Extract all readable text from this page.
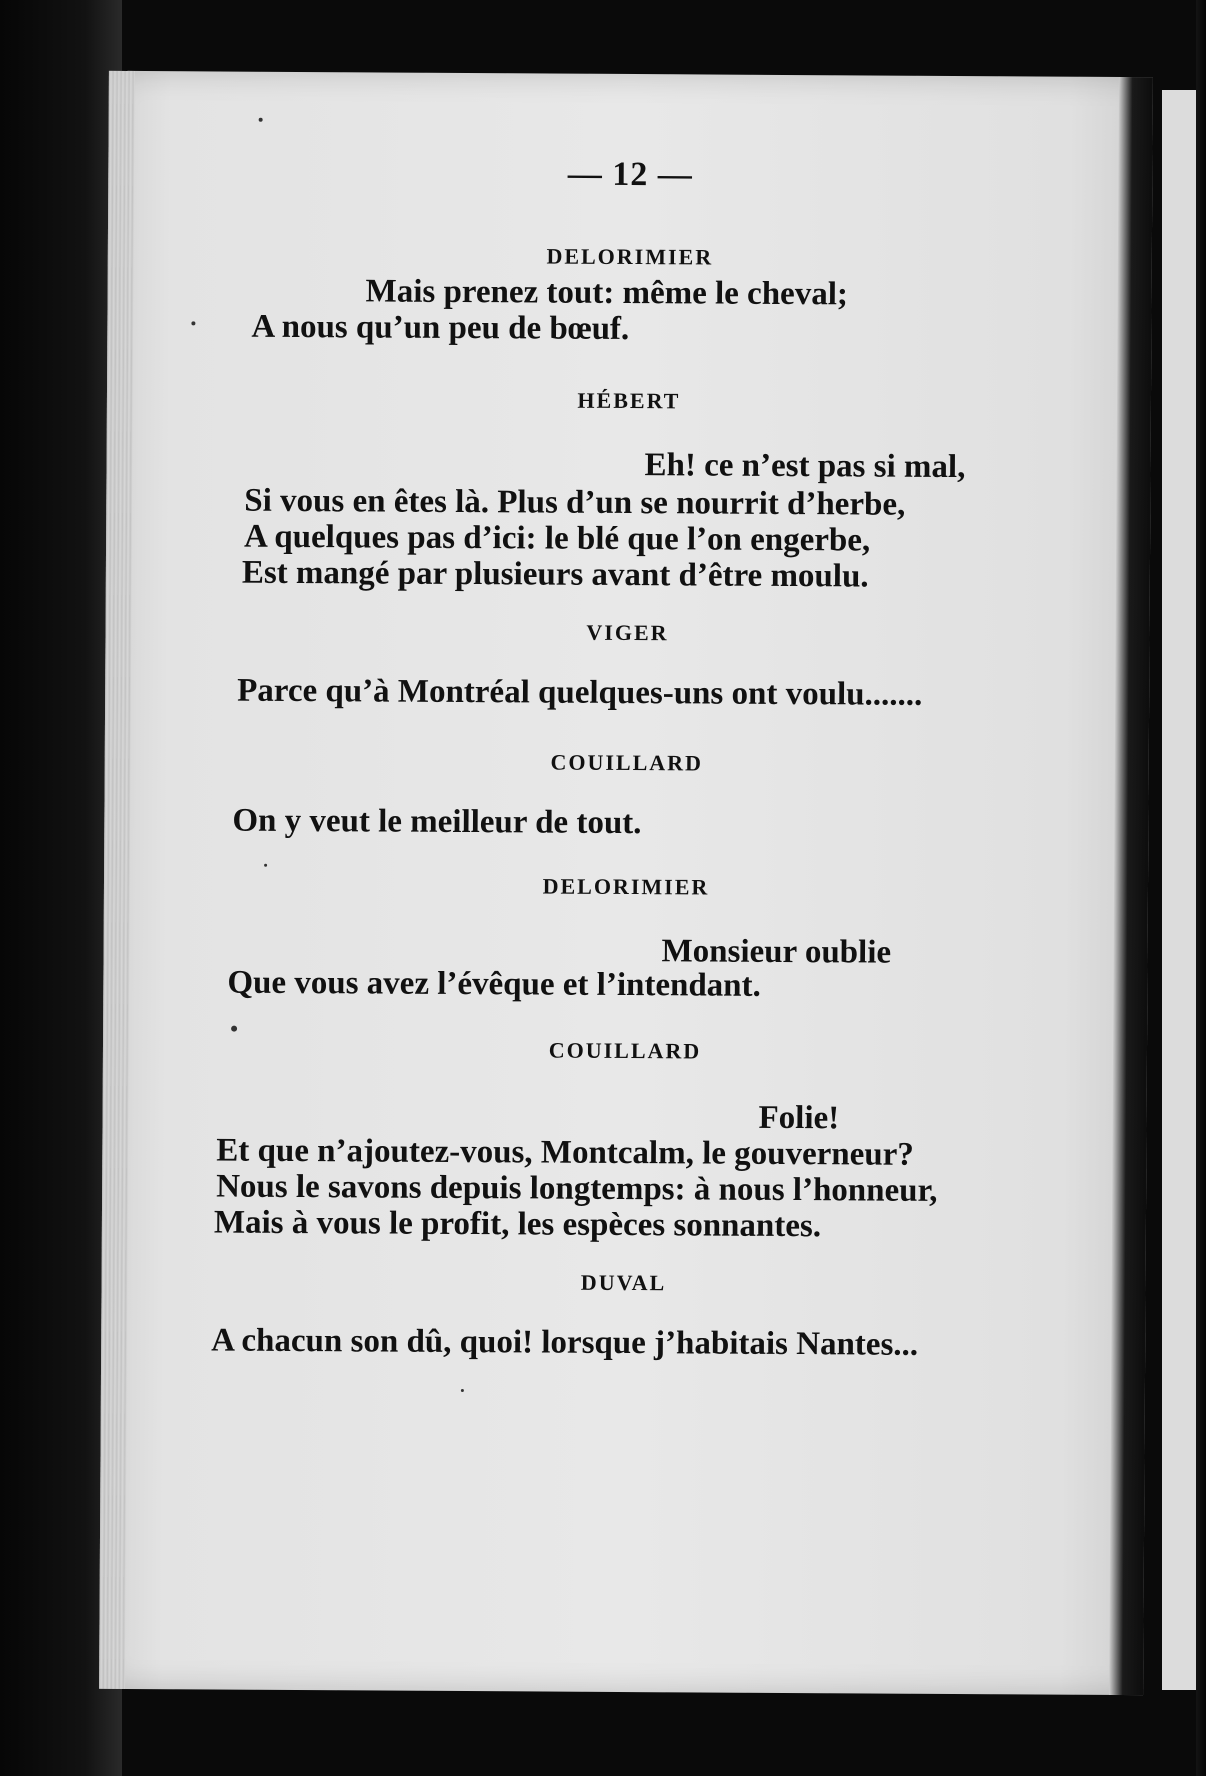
— 12 —
DELORIMIER
Mais prenez tout: même le cheval;
A nous qu’un peu de bœuf.
HÉBERT
Eh! ce n’est pas si mal,
Si vous en êtes là. Plus d’un se nourrit d’herbe,
A quelques pas d’ici: le blé que l’on engerbe,
Est mangé par plusieurs avant d’être moulu.
VIGER
Parce qu’à Montréal quelques-uns ont voulu.......
COUILLARD
On y veut le meilleur de tout.
DELORIMIER
Monsieur oublie
Que vous avez l’évêque et l’intendant.
COUILLARD
Folie!
Et que n’ajoutez-vous, Montcalm, le gouverneur?
Nous le savons depuis longtemps: à nous l’honneur,
Mais à vous le profit, les espèces sonnantes.
DUVAL
A chacun son dû, quoi! lorsque j’habitais Nantes...
